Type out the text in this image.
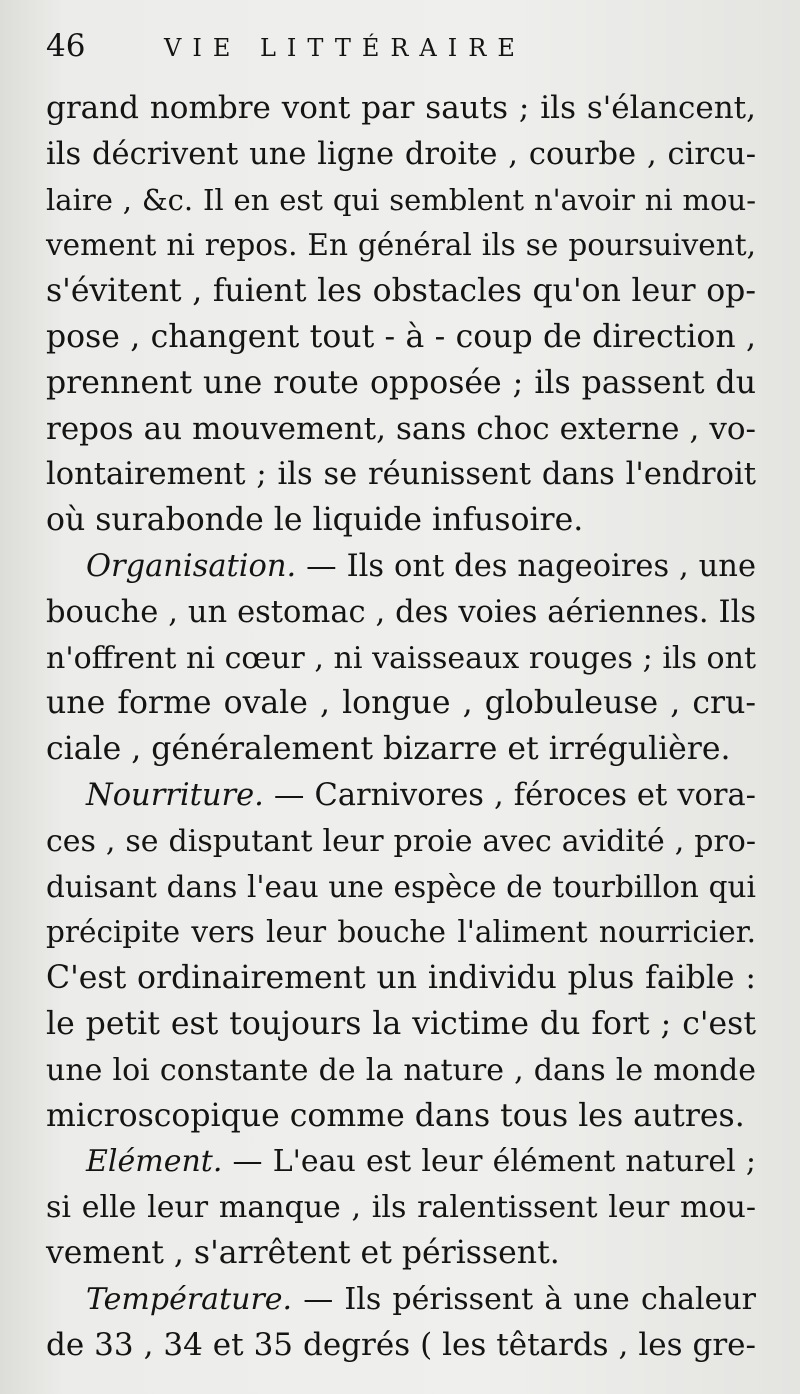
46	VIE LITTÉRAIRE
grand nombre vont par sauts ; ils s'élancent,
ils décrivent une ligne droite , courbe , circu-
laire , &c. Il en est qui semblent n'avoir ni mou-
vement ni repos. En général ils se poursuivent,
s'évitent , fuient les obstacles qu'on leur op-
pose , changent tout - à - coup de direction ,
prennent une route opposée ; ils passent du
repos au mouvement, sans choc externe , vo-
lontairement ; ils se réunissent dans l'endroit
où surabonde le liquide infusoire.
Organisation. — Ils ont des nageoires , une
bouche , un estomac , des voies aériennes. Ils
n'offrent ni cœur , ni vaisseaux rouges ; ils ont
une forme ovale , longue , globuleuse , cru-
ciale , généralement bizarre et irrégulière.
Nourriture. — Carnivores , féroces et vora-
ces , se disputant leur proie avec avidité , pro-
duisant dans l'eau une espèce de tourbillon qui
précipite vers leur bouche l'aliment nourricier.
C'est ordinairement un individu plus faible :
le petit est toujours la victime du fort ; c'est
une loi constante de la nature , dans le monde
microscopique comme dans tous les autres.
Elément. — L'eau est leur élément naturel ;
si elle leur manque , ils ralentissent leur mou-
vement , s'arrêtent et périssent.
Température. — Ils périssent à une chaleur
de 33 , 34 et 35 degrés ( les têtards , les gre-
